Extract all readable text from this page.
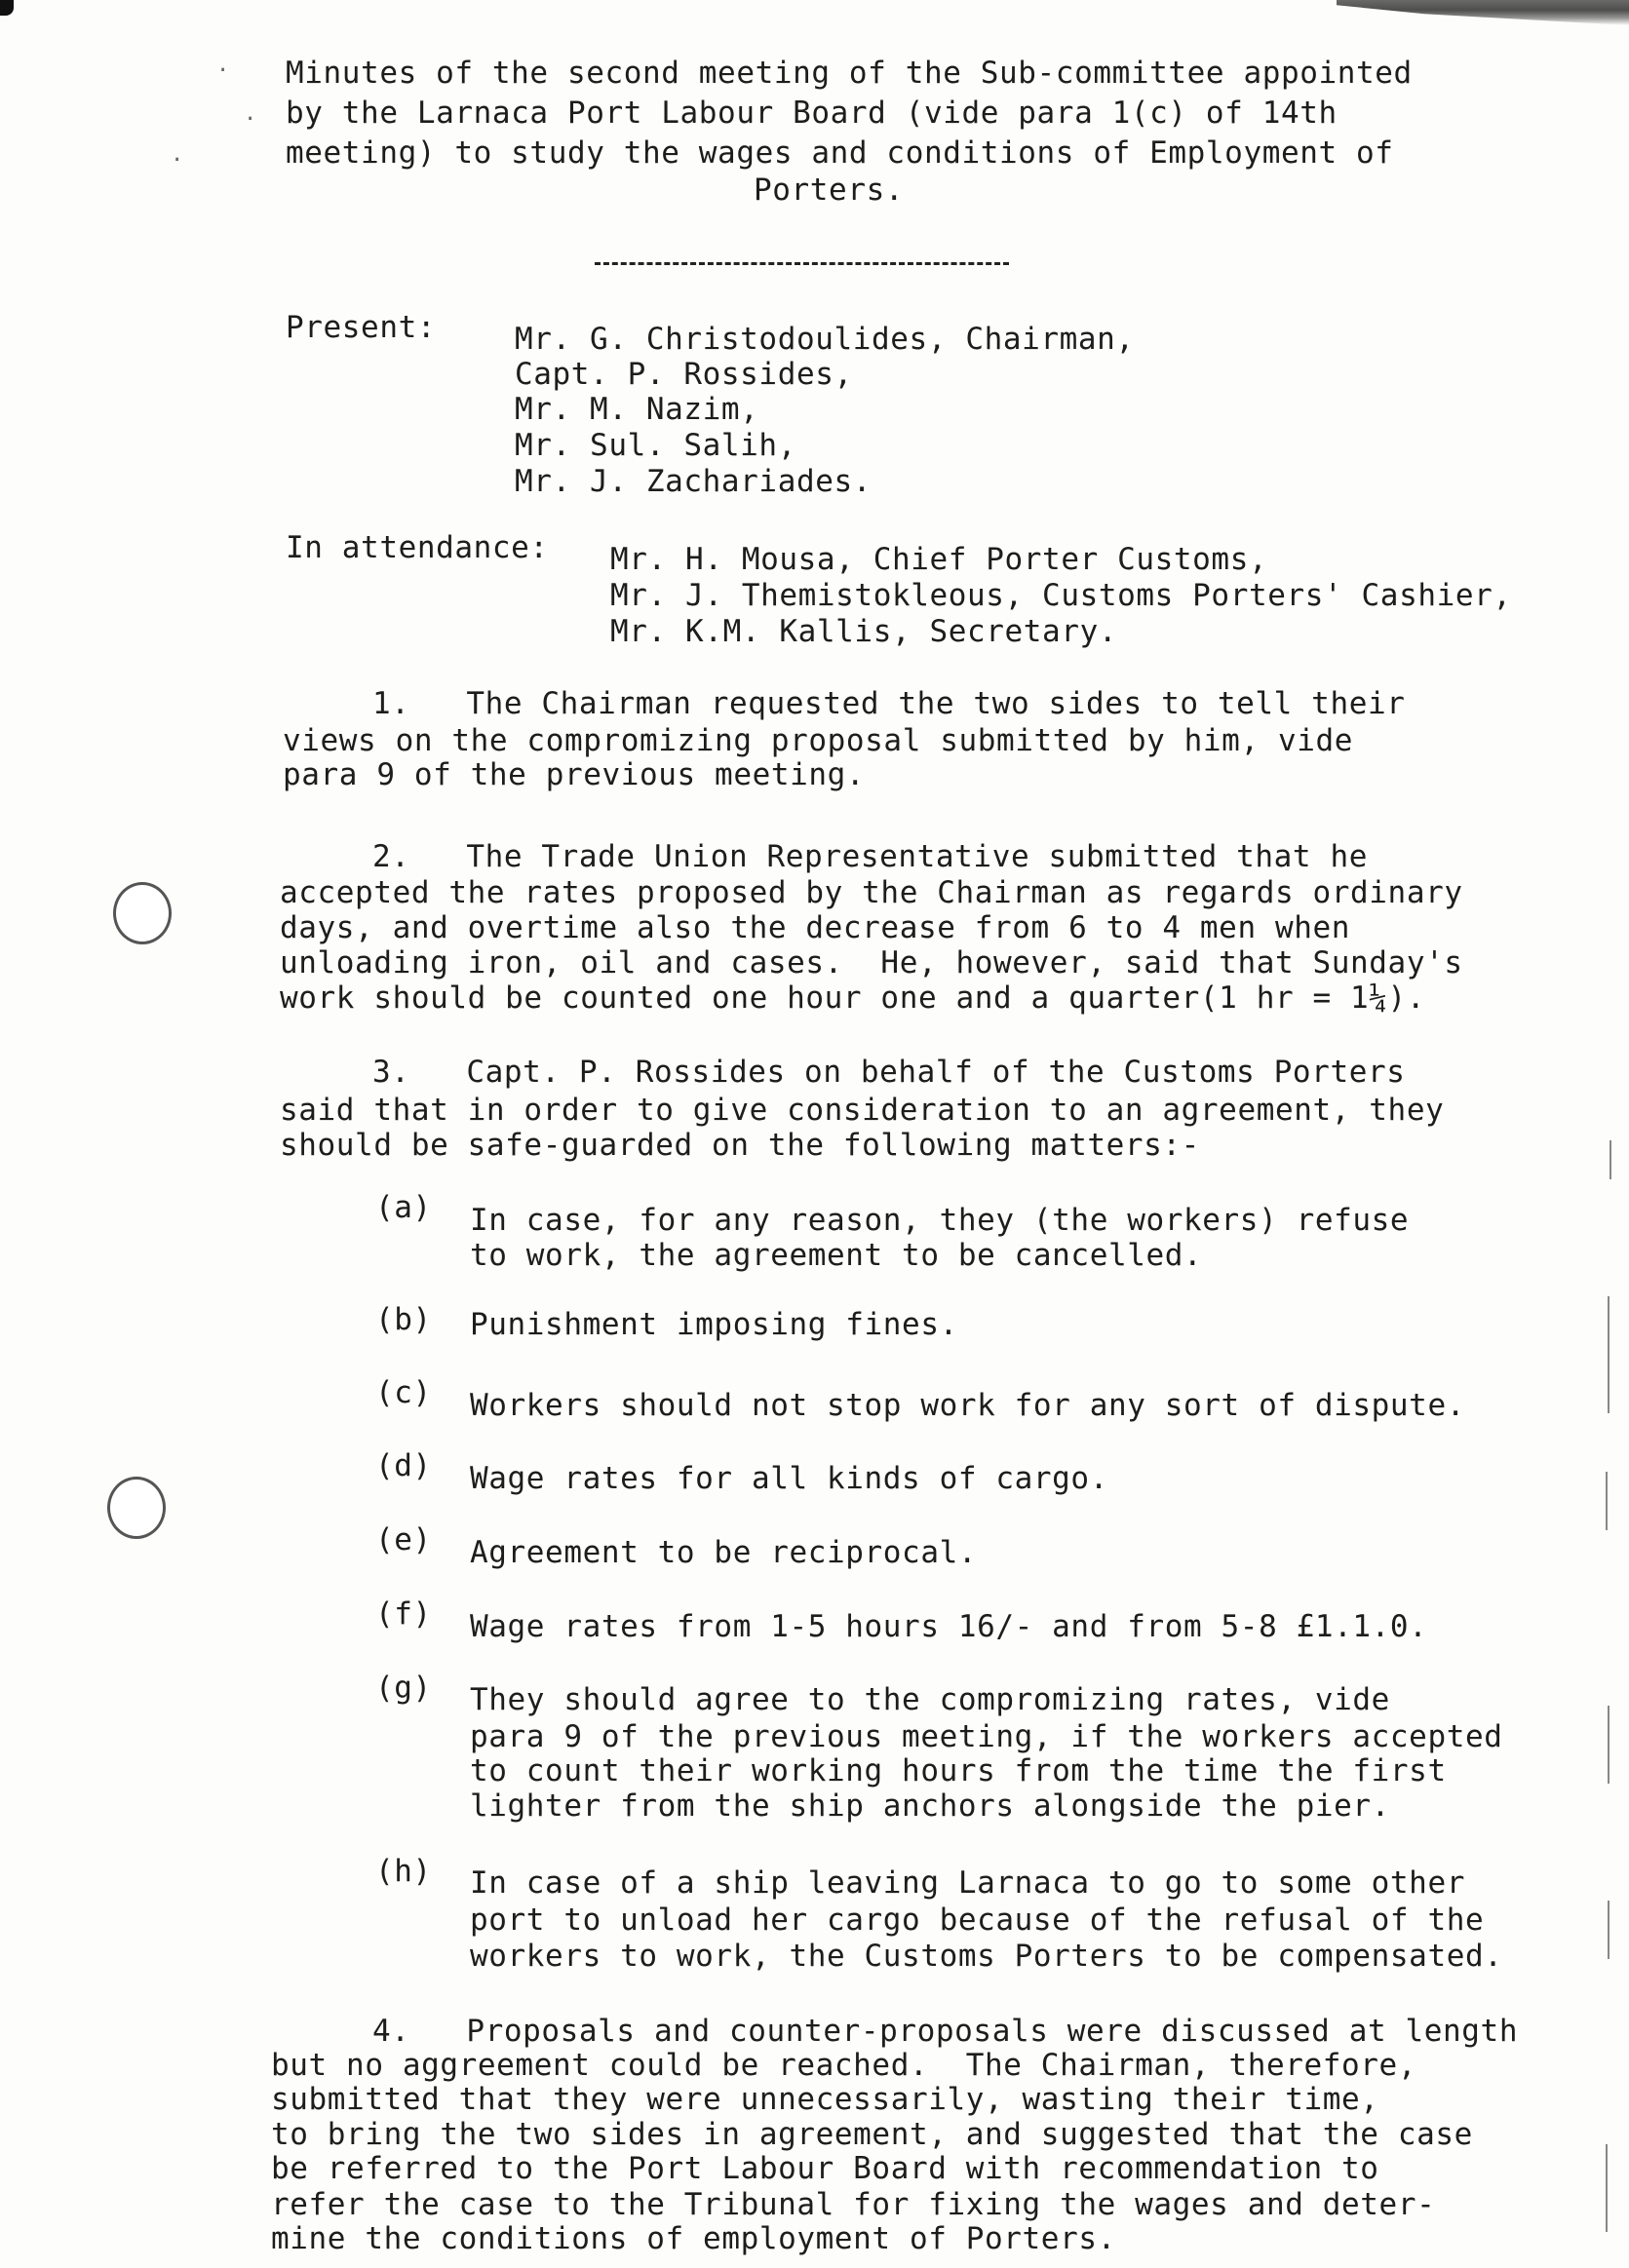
·
·
·

Minutes of the second meeting of the Sub-committee appointed

by the Larnaca Port Labour Board (vide para 1(c) of 14th

meeting) to study the wages and conditions of Employment of

Porters.

Present:	Mr. G. Christodoulides, Chairman,

Capt. P. Rossides,

Mr. M. Nazim,

Mr. Sul. Salih,

Mr. J. Zachariades.

In attendance: Mr. H. Mousa, Chief Porter Customs,

Mr. J. Themistokleous, Customs Porters' Cashier,

Mr. K.M. Kallis, Secretary.

1.   The Chairman requested the two sides to tell their

views on the compromizing proposal submitted by him, vide

para 9 of the previous meeting.

2.   The Trade Union Representative submitted that he

accepted the rates proposed by the Chairman as regards ordinary

days, and overtime also the decrease from 6 to 4 men when

unloading iron, oil and cases.  He, however, said that Sunday's

work should be counted one hour one and a quarter(1 hr = 1¼).

3.   Capt. P. Rossides on behalf of the Customs Porters

said that in order to give consideration to an agreement, they

should be safe-guarded on the following matters:-

(a) In case, for any reason, they (the workers) refuse

to work, the agreement to be cancelled.

(b) Punishment imposing fines.

(c) Workers should not stop work for any sort of dispute.

(d) Wage rates for all kinds of cargo.

(e) Agreement to be reciprocal.

(f) Wage rates from 1-5 hours 16/- and from 5-8 £1.1.0.

(g) They should agree to the compromizing rates, vide

para 9 of the previous meeting, if the workers accepted

to count their working hours from the time the first

lighter from the ship anchors alongside the pier.

(h) In case of a ship leaving Larnaca to go to some other

port to unload her cargo because of the refusal of the

workers to work, the Customs Porters to be compensated.

4.   Proposals and counter-proposals were discussed at length

but no aggreement could be reached.  The Chairman, therefore,

submitted that they were unnecessarily, wasting their time,

to bring the two sides in agreement, and suggested that the case

be referred to the Port Labour Board with recommendation to

refer the case to the Tribunal for fixing the wages and deter-

mine the conditions of employment of Porters.
